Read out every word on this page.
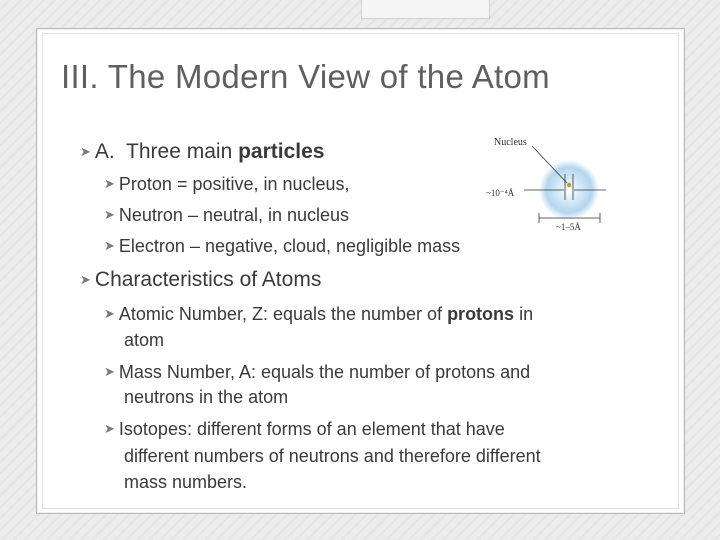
III. The Modern View of the Atom
➤ A.  Three main particles
➤ Proton = positive, in nucleus,
➤ Neutron – neutral, in nucleus
➤ Electron – negative, cloud, negligible mass
Nucleus
~10⁻⁴Å
~1–5Å
➤ Characteristics of Atoms
➤ Atomic Number, Z: equals the number of protons in
atom
➤ Mass Number, A: equals the number of protons and
neutrons in the atom
➤ Isotopes: different forms of an element that have
different numbers of neutrons and therefore different
mass numbers.
